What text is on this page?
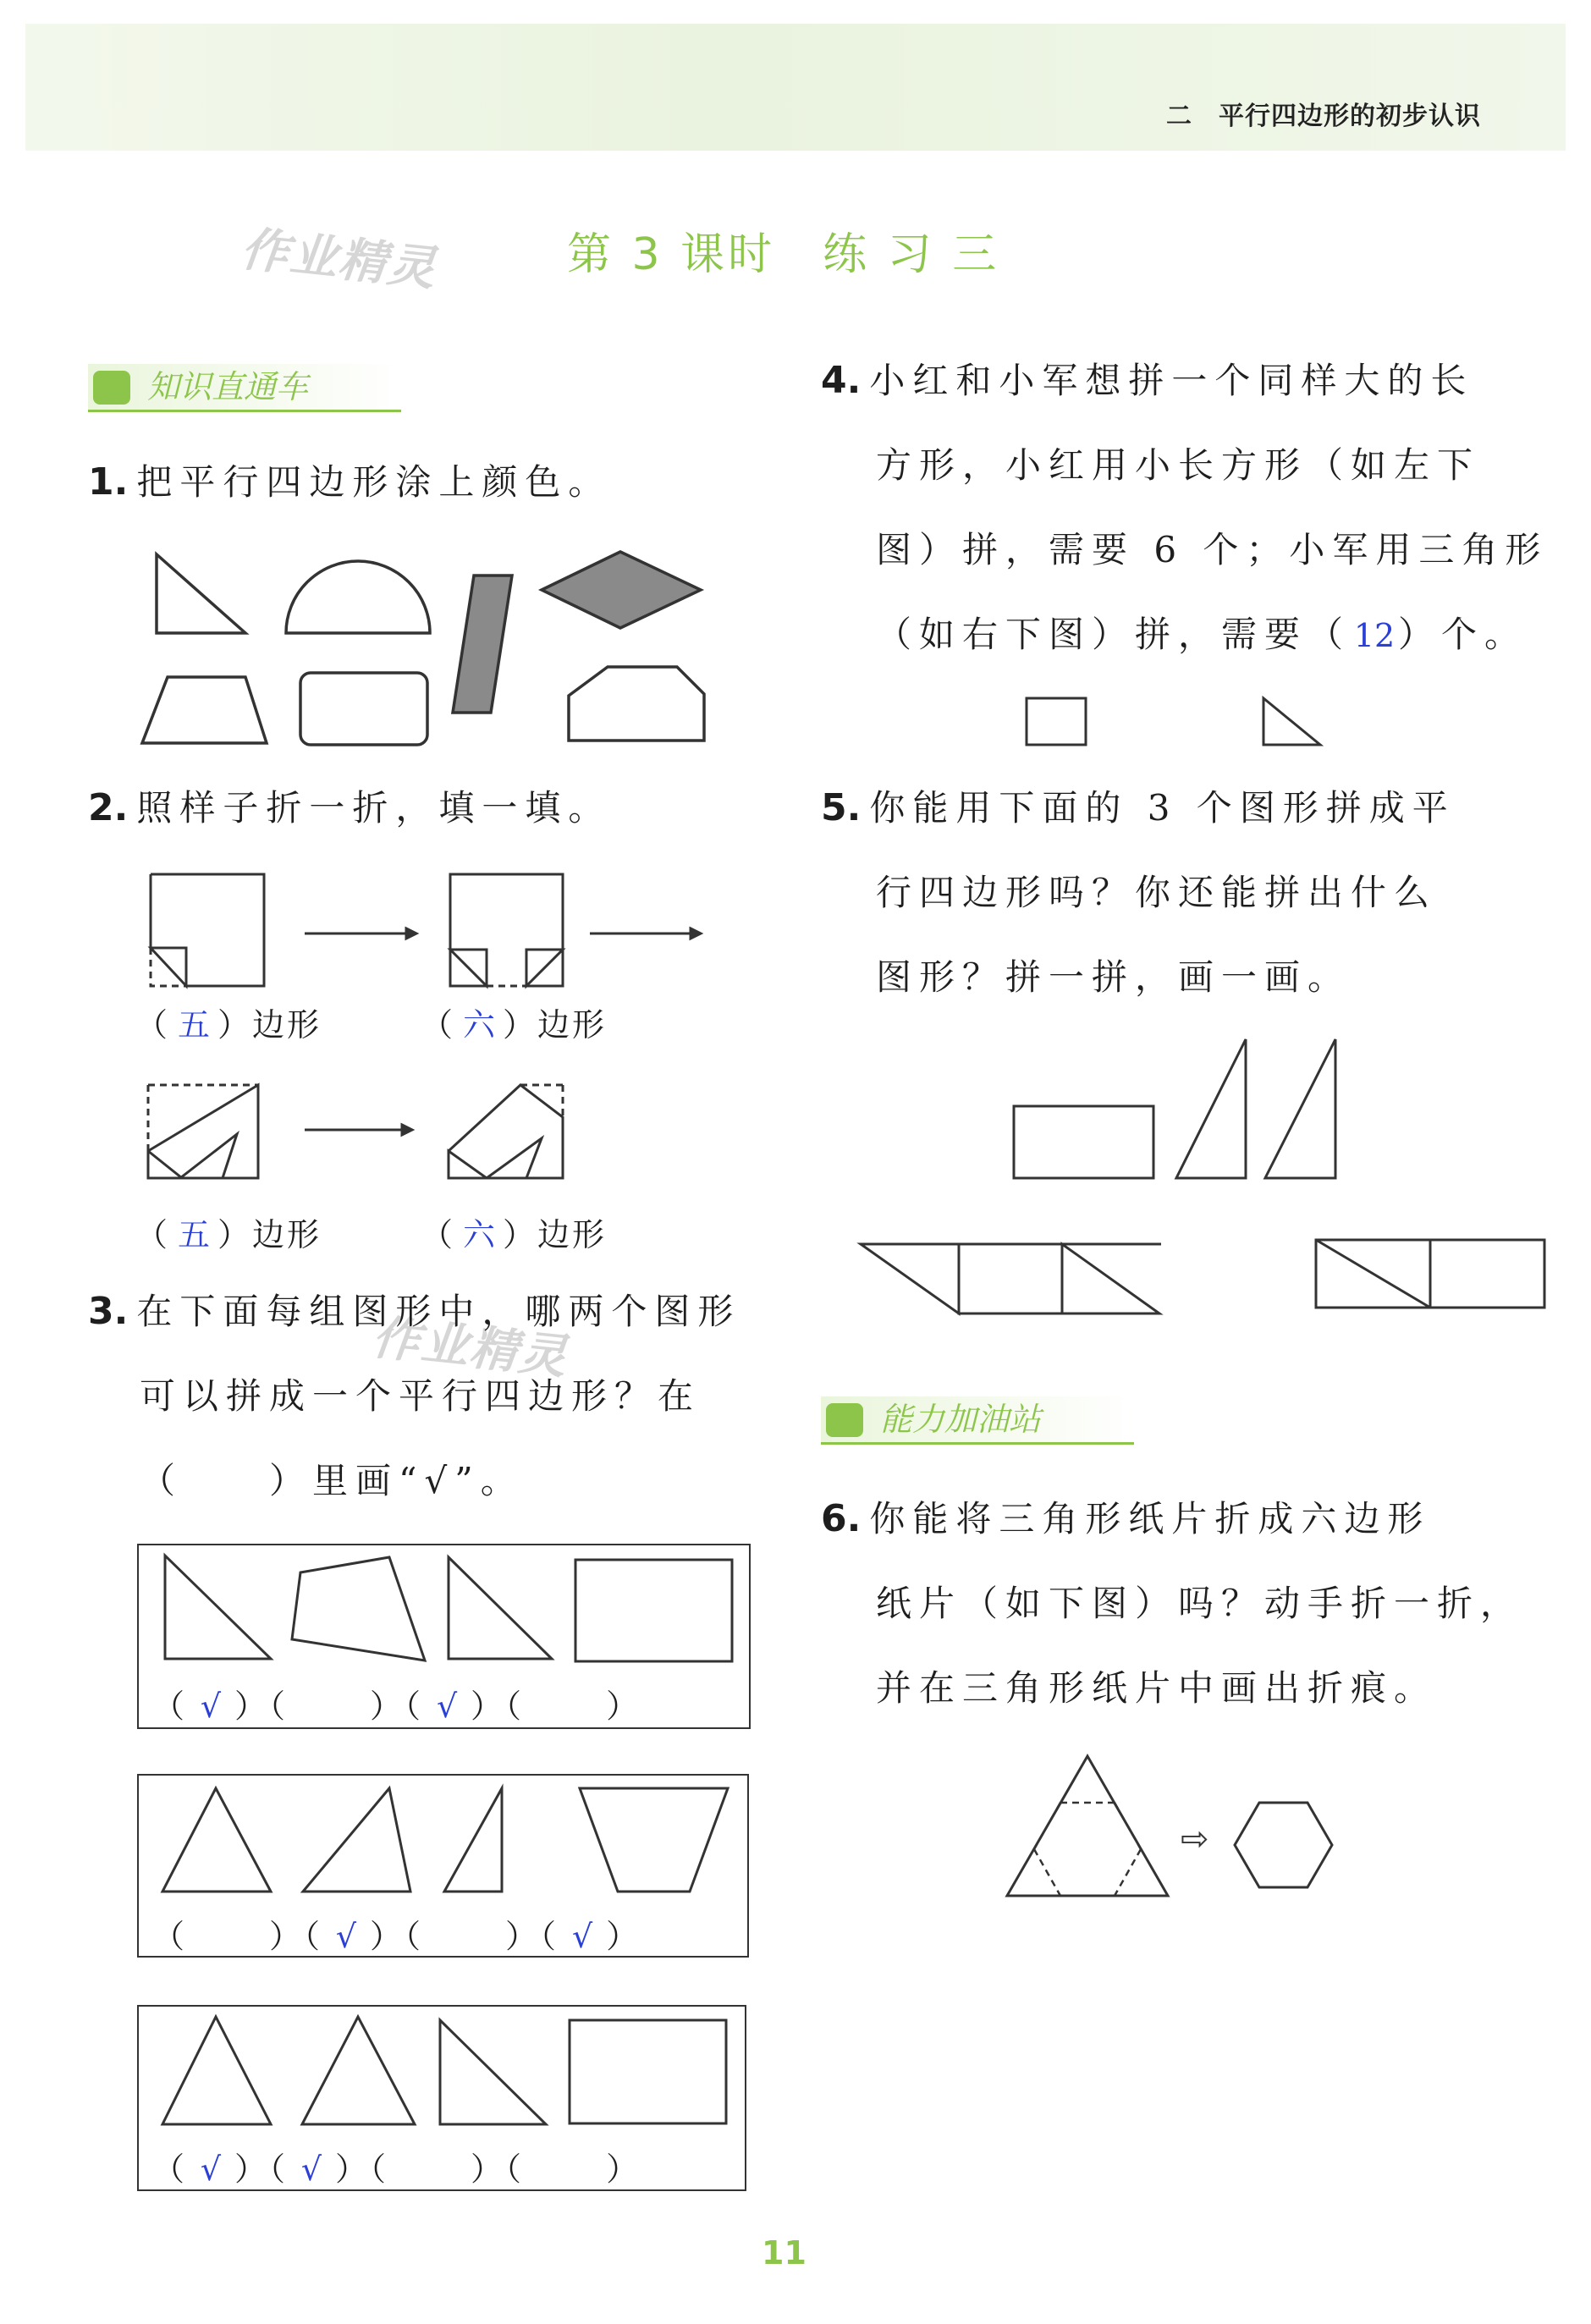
二　平行四边形的初步认识
作业精灵
作业精灵
第 3 课时　练 习 三
知识直通车
1. 把平行四边形涂上颜色。
2. 照样子折一折，填一填。
（ 五 ）边形	（ 六 ）边形
（ 五 ）边形	（ 六 ）边形
3. 在下面每组图形中，哪两个图形
可以拼成一个平行四边形？在
（　　）里画“√”。
（ √ ）（　）（ √ ）（　）
（　）（ √ ）（　）（ √ ）
（ √ ）（ √ ）（　）（　）
4. 小红和小军想拼一个同样大的长
方形，小红用小长方形（如左下
图）拼，需要 6 个；小军用三角形
（如右下图）拼，需要（ 12）个。
5. 你能用下面的 3 个图形拼成平
行四边形吗？你还能拼出什么
图形？拼一拼，画一画。
能力加油站
6. 你能将三角形纸片折成六边形
纸片（如下图）吗？动手折一折，
并在三角形纸片中画出折痕。
⇨
11
